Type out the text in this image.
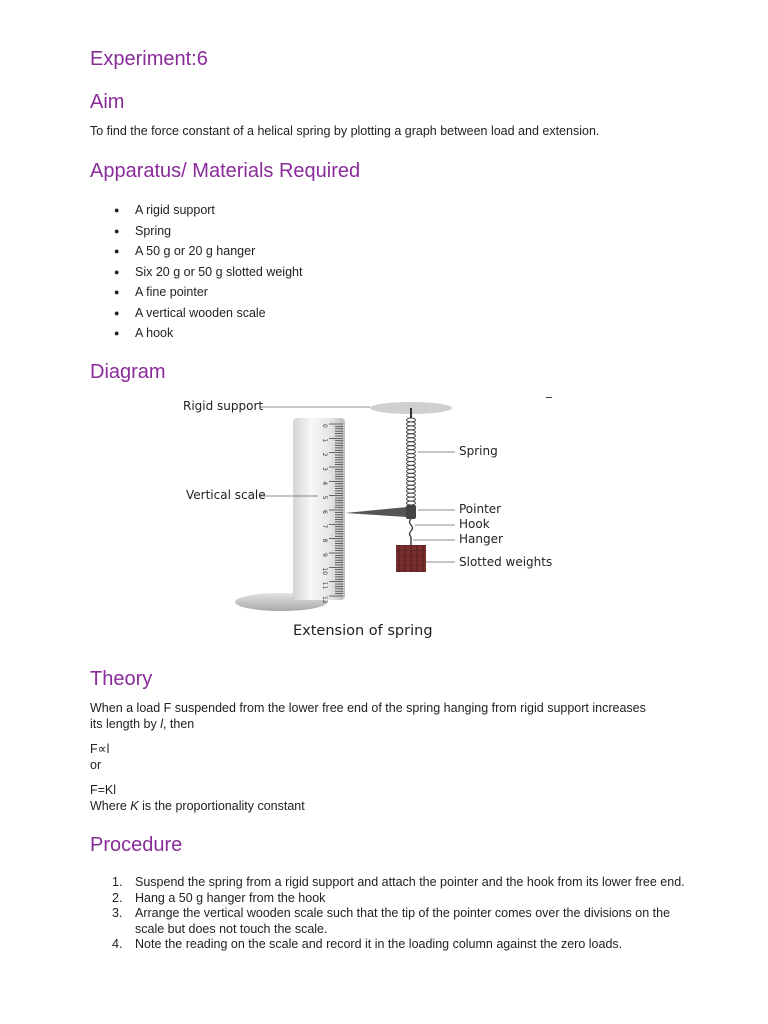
Experiment:6
Aim

To find the force constant of a helical spring by plotting a graph between load and extension.

Apparatus/ Materials Required
● A rigid support
● Spring
● A 50 g or 20 g hanger
● Six 20 g or 50 g slotted weight
● A fine pointer
● A vertical wooden scale
● A hook
Diagram
Theory

When a load F suspended from the lower free end of the spring hanging from rigid support increases

its length by l, then

F∝l

or

F=Kl

Where K is the proportionality constant

Procedure
1. Suspend the spring from a rigid support and attach the pointer and the hook from its lower free end.
2. Hang a 50 g hanger from the hook
3. Arrange the vertical wooden scale such that the tip of the pointer comes over the divisions on the scale but does not touch the scale.
4. Note the reading on the scale and record it in the loading column against the zero loads.
_
0
1
2
3
4
5
6
7
8
9
10
11
12
Rigid support
Vertical scale
Spring
Pointer
Hook
Hanger
Slotted weights
Extension of spring
